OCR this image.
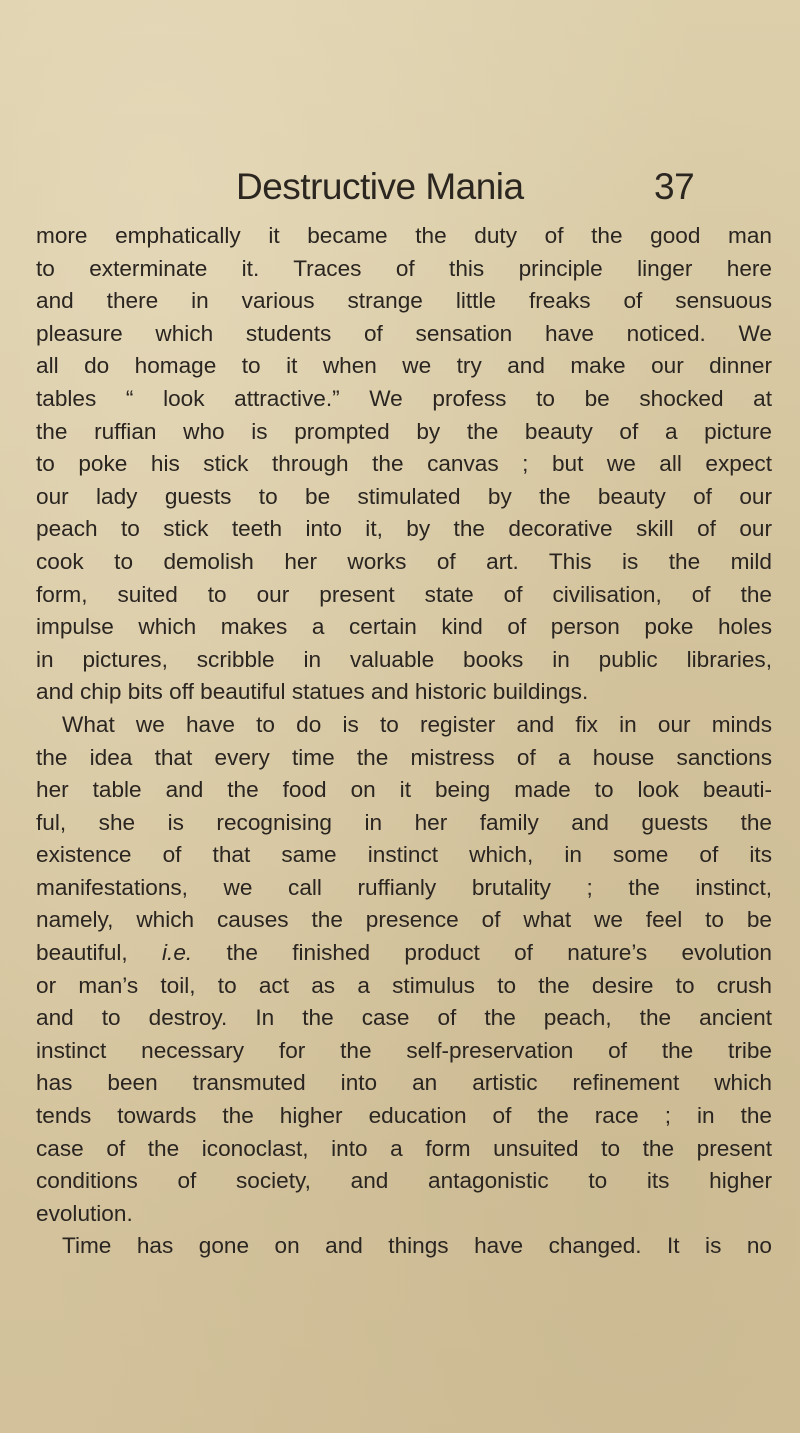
Destructive Mania	37
more emphatically it became the duty of the good man
to exterminate it. Traces of this principle linger here
and there in various strange little freaks of sensuous
pleasure which students of sensation have noticed. We
all do homage to it when we try and make our dinner
tables “ look attractive.” We profess to be shocked at
the ruffian who is prompted by the beauty of a picture
to poke his stick through the canvas ; but we all expect
our lady guests to be stimulated by the beauty of our
peach to stick teeth into it, by the decorative skill of our
cook to demolish her works of art. This is the mild
form, suited to our present state of civilisation, of the
impulse which makes a certain kind of person poke holes
in pictures, scribble in valuable books in public libraries,
and chip bits off beautiful statues and historic buildings.
What we have to do is to register and fix in our minds
the idea that every time the mistress of a house sanctions
her table and the food on it being made to look beauti-
ful, she is recognising in her family and guests the
existence of that same instinct which, in some of its
manifestations, we call ruffianly brutality ; the instinct,
namely, which causes the presence of what we feel to be
beautiful, i.e. the finished product of nature’s evolution
or man’s toil, to act as a stimulus to the desire to crush
and to destroy. In the case of the peach, the ancient
instinct necessary for the self-preservation of the tribe
has been transmuted into an artistic refinement which
tends towards the higher education of the race ; in the
case of the iconoclast, into a form unsuited to the present
conditions of society, and antagonistic to its higher
evolution.
Time has gone on and things have changed. It is no
